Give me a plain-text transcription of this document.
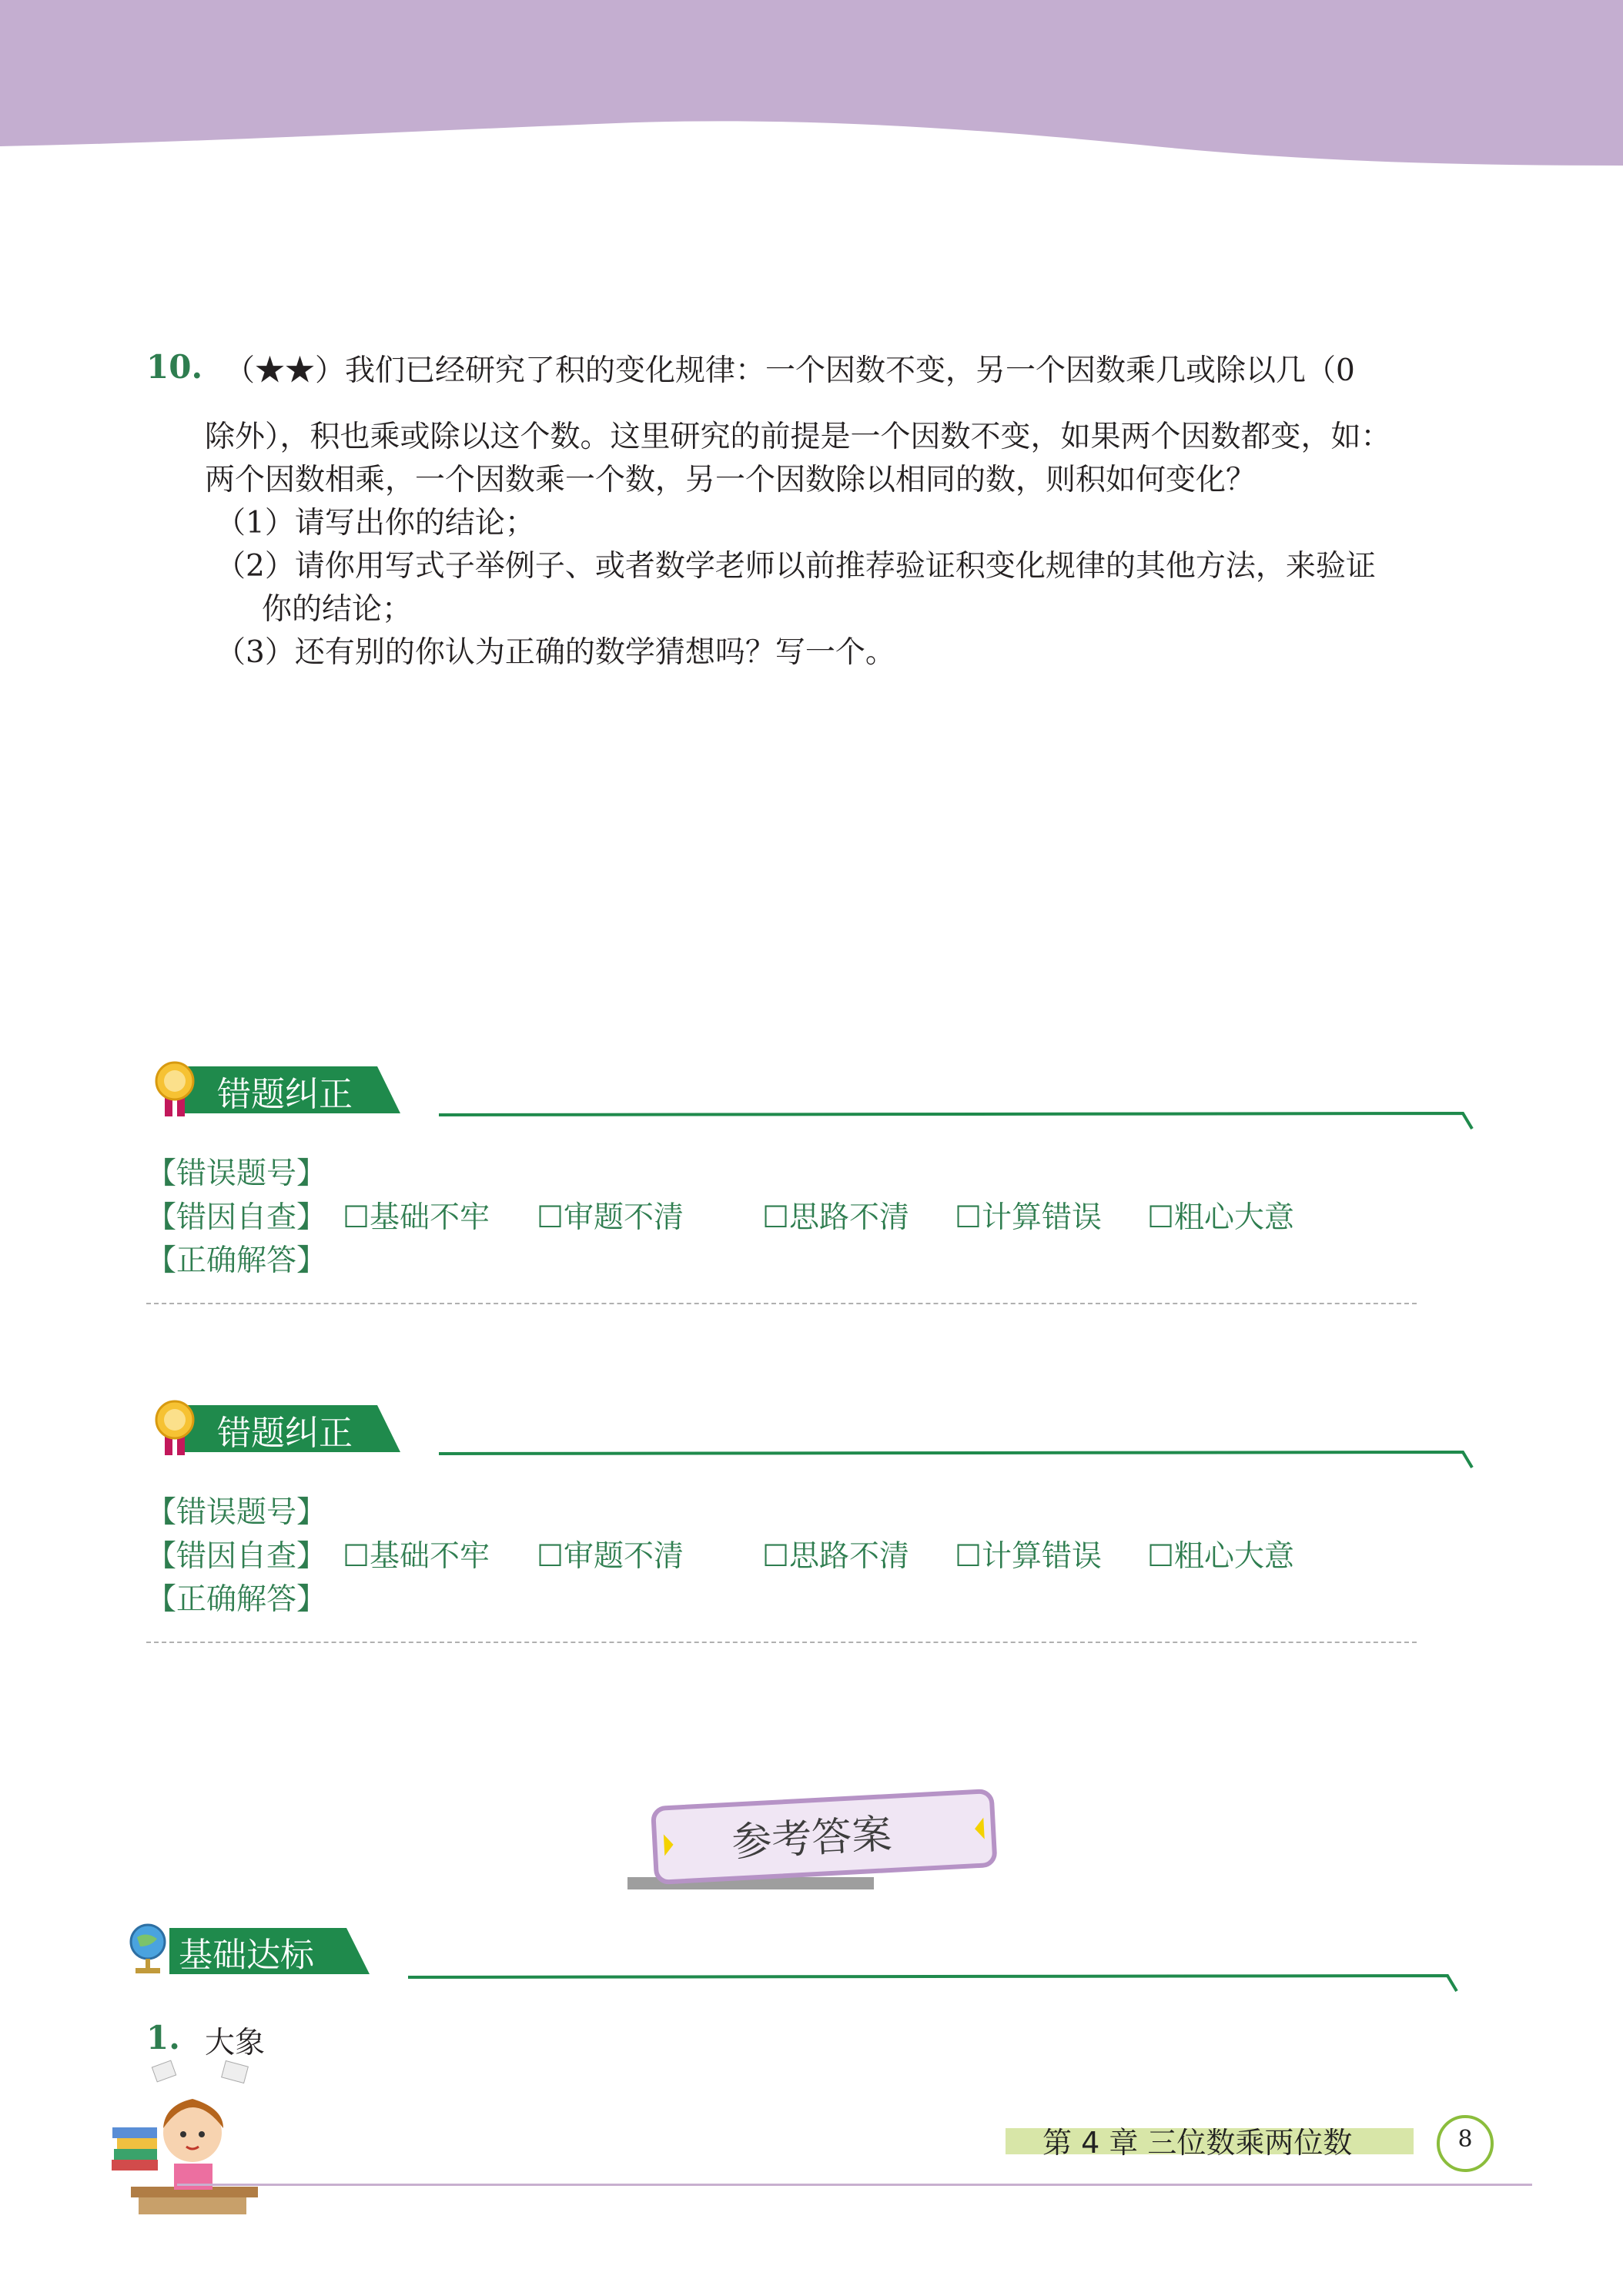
10. （★★）我们已经研究了积的变化规律：一个因数不变，另一个因数乘几或除以几（0
除外），积也乘或除以这个数。这里研究的前提是一个因数不变，如果两个因数都变，如：
两个因数相乘，一个因数乘一个数，另一个因数除以相同的数，则积如何变化？
（1）请写出你的结论；
（2）请你用写式子举例子、或者数学老师以前推荐验证积变化规律的其他方法，来验证
你的结论；
（3）还有别的你认为正确的数学猜想吗？写一个。
错题纠正
【错误题号】
【错因自查】 ☐基础不牢 ☐审题不清	☐思路不清 ☐计算错误 ☐粗心大意
【正确解答】
错题纠正
【错误题号】
【错因自查】 ☐基础不牢 ☐审题不清	☐思路不清 ☐计算错误 ☐粗心大意
【正确解答】
参考答案
基础达标
1. 大象
第 4 章 三位数乘两位数	8
